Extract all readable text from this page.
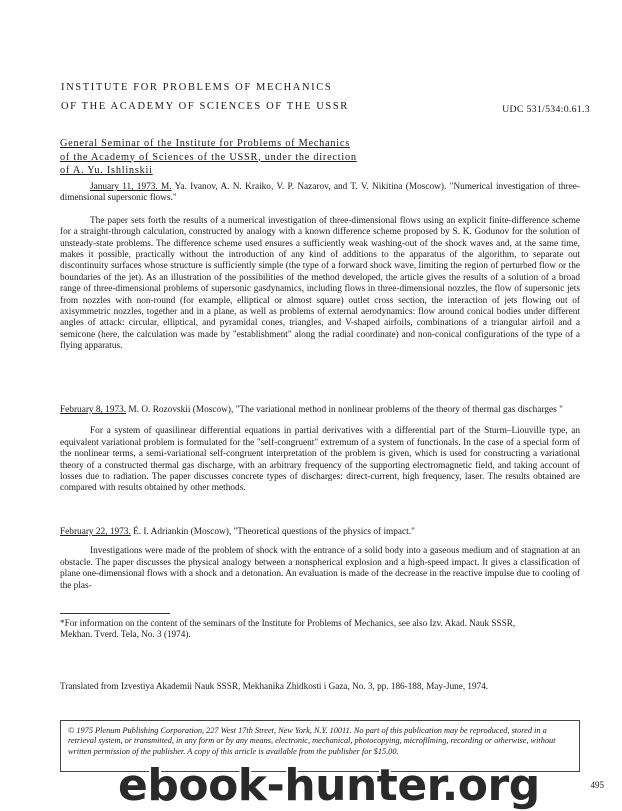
INSTITUTE FOR PROBLEMS OF MECHANICS
OF THE ACADEMY OF SCIENCES OF THE USSR	UDC 531/534:0.61.3
General Seminar of the Institute for Problems of Mechanics
of the Academy of Sciences of the USSR, under the direction
of A. Yu. Ishlinskii

January 11, 1973. M. Ya. Ivanov, A. N. Kraiko, V. P. Nazarov, and T. V. Nikitina (Moscow). "Numerical investigation of three-dimensional supersonic flows."

The paper sets forth the results of a numerical investigation of three-dimensional flows using an explicit finite-difference scheme for a straight-through calculation, constructed by analogy with a known difference scheme proposed by S. K. Godunov for the solution of unsteady-state problems. The difference scheme used ensures a sufficiently weak washing-out of the shock waves and, at the same time, makes it possible, practically without the introduction of any kind of additions to the apparatus of the algorithm, to separate out discontinuity surfaces whose structure is sufficiently simple (the type of a forward shock wave, limiting the region of perturbed flow or the boundaries of the jet). As an illustration of the possibilities of the method developed, the article gives the results of a solution of a broad range of three-dimensional problems of supersonic gasdynamics, including flows in three-dimensional nozzles, the flow of supersonic jets from nozzles with non-round (for example, elliptical or almost square) outlet cross section, the interaction of jets flowing out of axisymmetric nozzles, together and in a plane, as well as problems of external aerodynamics: flow around conical bodies under different angles of attack: circular, elliptical, and pyramidal cones, triangles, and V-shaped airfoils, combinations of a triangular airfoil and a semicone (here, the calculation was made by "establishment" along the radial coordinate) and non-conical configurations of the type of a flying apparatus.

February 8, 1973. M. O. Rozovskii (Moscow), "The variational method in nonlinear problems of the theory of thermal gas discharges "

For a system of quasilinear differential equations in partial derivatives with a differential part of the Sturm–Liouville type, an equivalent variational problem is formulated for the "self-congruent" extremum of a system of functionals. In the case of a special form of the nonlinear terms, a semi-variational self-congruent interpretation of the problem is given, which is used for constructing a variational theory of a constructed thermal gas discharge, with an arbitrary frequency of the supporting electromagnetic field, and taking account of losses due to radiation. The paper discusses concrete types of discharges: direct-current, high frequency, laser. The results obtained are compared with results obtained by other methods.

February 22, 1973. É. I. Adriankin (Moscow), "Theoretical questions of the physics of impact."

Investigations were made of the problem of shock with the entrance of a solid body into a gaseous medium and of stagnation at an obstacle. The paper discusses the physical analogy between a nonspherical explosion and a high-speed impact. It gives a classification of plane one-dimensional flows with a shock and a detonation. An evaluation is made of the decrease in the reactive impulse due to cooling of the plas-

*For information on the content of the seminars of the Institute for Problems of Mechanics, see also Izv. Akad. Nauk SSSR, Mekhan. Tverd. Tela, No. 3 (1974).
Translated from Izvestiya Akademii Nauk SSSR, Mekhanika Zhidkosti i Gaza, No. 3, pp. 186-188, May-June, 1974.
© 1975 Plenum Publishing Corporation, 227 West 17th Street, New York, N.Y. 10011. No part of this publication may be reproduced, stored in a retrieval system, or transmitted, in any form or by any means, electronic, mechanical, photocopying, microfilming, recording or otherwise, without written permission of the publisher. A copy of this article is available from the publisher for $15.00.
ebook-hunter.org	495
